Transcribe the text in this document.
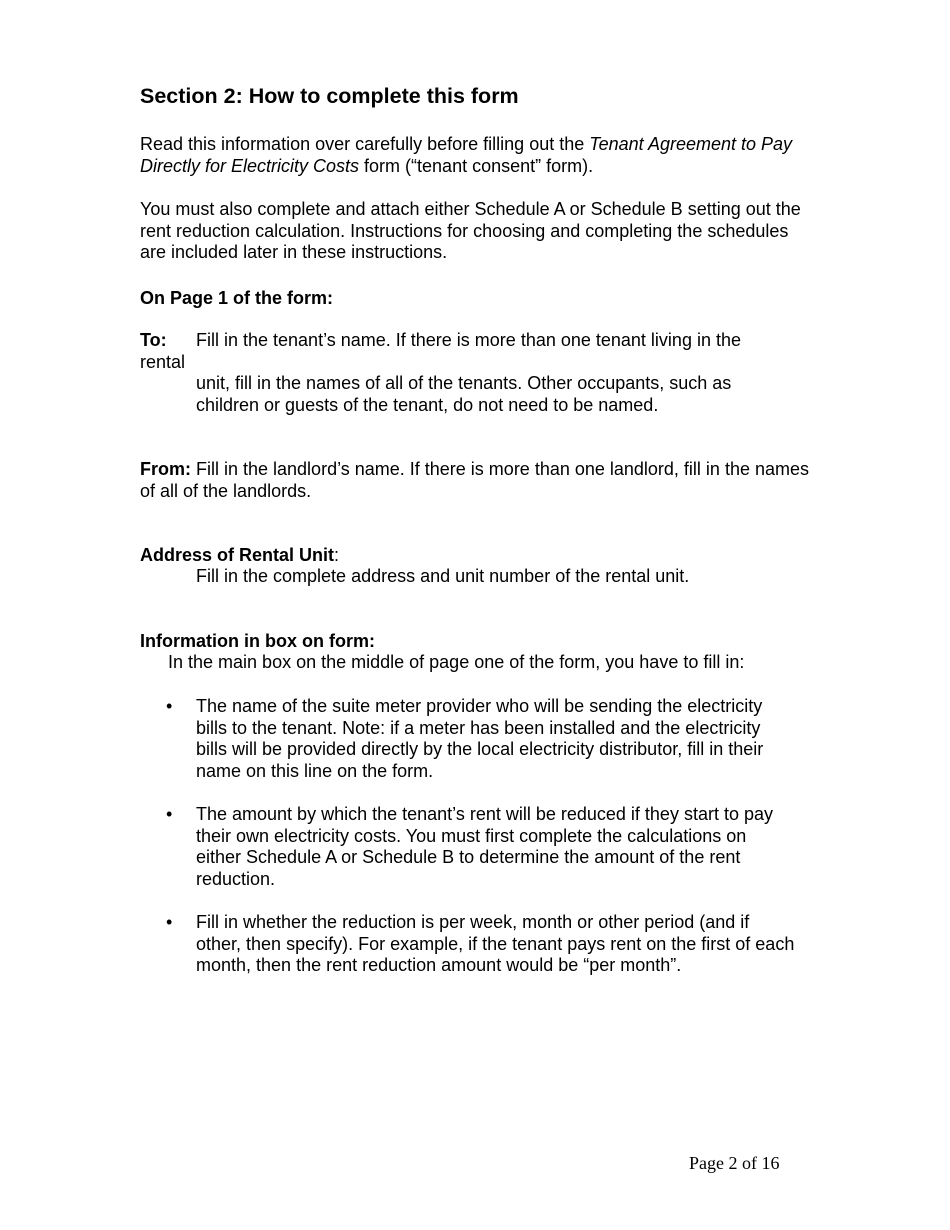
Section 2: How to complete this form

Read this information over carefully before filling out the Tenant Agreement to Pay Directly for Electricity Costs form (“tenant consent” form).

You must also complete and attach either Schedule A or Schedule B setting out the rent reduction calculation. Instructions for choosing and completing the schedules are included later in these instructions.

On Page 1 of the form:

To: Fill in the tenant’s name. If there is more than one tenant living in the

rental

unit, fill in the names of all of the tenants. Other occupants, such as children or guests of the tenant, do not need to be named.

From: Fill in the landlord’s name. If there is more than one landlord, fill in the names of all of the landlords.

Address of Rental Unit:

Fill in the complete address and unit number of the rental unit.

Information in box on form:

In the main box on the middle of page one of the form, you have to fill in:

• The name of the suite meter provider who will be sending the electricity bills to the tenant. Note: if a meter has been installed and the electricity bills will be provided directly by the local electricity distributor, fill in their name on this line on the form.

• The amount by which the tenant’s rent will be reduced if they start to pay their own electricity costs. You must first complete the calculations on either Schedule A or Schedule B to determine the amount of the rent reduction.

• Fill in whether the reduction is per week, month or other period (and if other, then specify). For example, if the tenant pays rent on the first of each month, then the rent reduction amount would be “per month”.

Page 2 of 16
